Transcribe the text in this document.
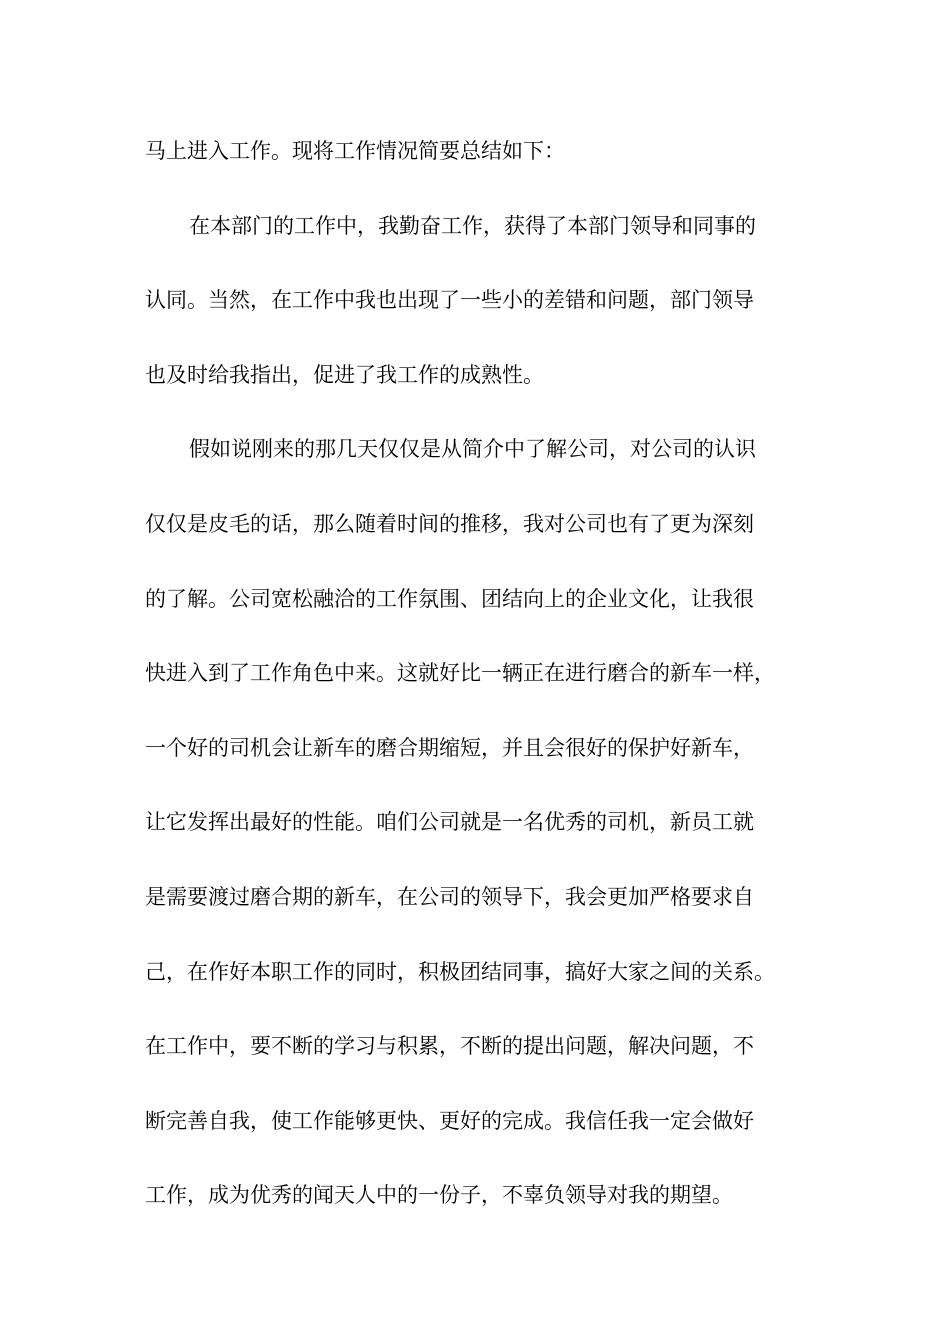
马上进入工作。现将工作情况简要总结如下：
在本部门的工作中，我勤奋工作，获得了本部门领导和同事的
认同。当然，在工作中我也出现了一些小的差错和问题，部门领导
也及时给我指出，促进了我工作的成熟性。
假如说刚来的那几天仅仅是从简介中了解公司，对公司的认识
仅仅是皮毛的话，那么随着时间的推移，我对公司也有了更为深刻
的了解。公司宽松融洽的工作氛围、团结向上的企业文化，让我很
快进入到了工作角色中来。这就好比一辆正在进行磨合的新车一样，
一个好的司机会让新车的磨合期缩短，并且会很好的保护好新车，
让它发挥出最好的性能。咱们公司就是一名优秀的司机，新员工就
是需要渡过磨合期的新车，在公司的领导下，我会更加严格要求自
己，在作好本职工作的同时，积极团结同事，搞好大家之间的关系。
在工作中，要不断的学习与积累，不断的提出问题，解决问题，不
断完善自我，使工作能够更快、更好的完成。我信任我一定会做好
工作，成为优秀的闻天人中的一份子，不辜负领导对我的期望。
